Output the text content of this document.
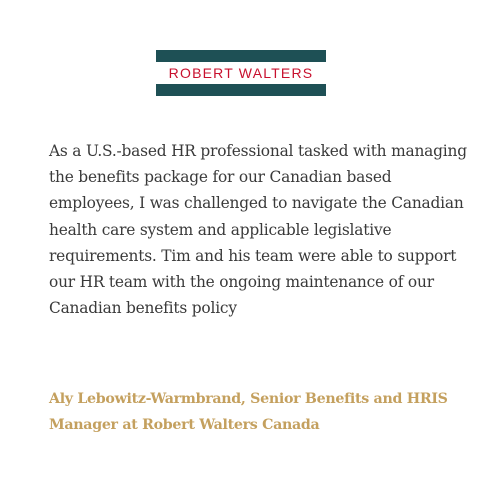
ROBERT WALTERS

As a U.S.-based HR professional tasked with managing the benefits package for our Canadian based employees, I was challenged to navigate the Canadian health care system and applicable legislative requirements. Tim and his team were able to support our HR team with the ongoing maintenance of our Canadian benefits policy

Aly Lebowitz-Warmbrand, Senior Benefits and HRIS Manager at Robert Walters Canada
